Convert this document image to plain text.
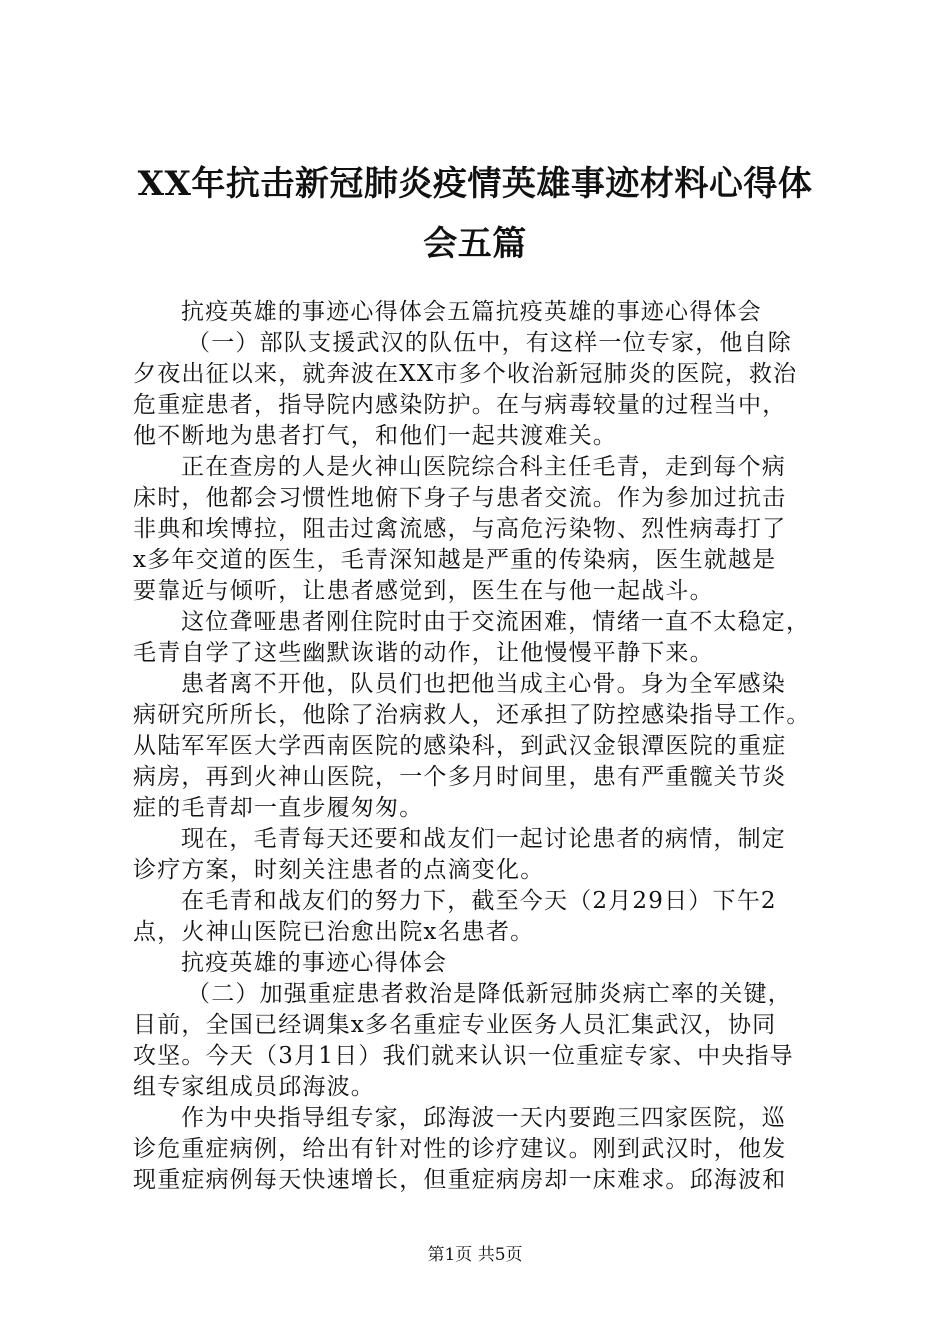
XX年抗击新冠肺炎疫情英雄事迹材料心得体
会五篇
抗疫英雄的事迹心得体会五篇抗疫英雄的事迹心得体会
（一）部队支援武汉的队伍中，有这样一位专家，他自除
夕夜出征以来，就奔波在XX市多个收治新冠肺炎的医院，救治
危重症患者，指导院内感染防护。在与病毒较量的过程当中，
他不断地为患者打气，和他们一起共渡难关。
正在查房的人是火神山医院综合科主任毛青，走到每个病
床时，他都会习惯性地俯下身子与患者交流。作为参加过抗击
非典和埃博拉，阻击过禽流感，与高危污染物、烈性病毒打了
x多年交道的医生，毛青深知越是严重的传染病，医生就越是
要靠近与倾听，让患者感觉到，医生在与他一起战斗。
这位聋哑患者刚住院时由于交流困难，情绪一直不太稳定，
毛青自学了这些幽默诙谐的动作，让他慢慢平静下来。
患者离不开他，队员们也把他当成主心骨。身为全军感染
病研究所所长，他除了治病救人，还承担了防控感染指导工作。
从陆军军医大学西南医院的感染科，到武汉金银潭医院的重症
病房，再到火神山医院，一个多月时间里，患有严重髋关节炎
症的毛青却一直步履匆匆。
现在，毛青每天还要和战友们一起讨论患者的病情，制定
诊疗方案，时刻关注患者的点滴变化。
在毛青和战友们的努力下，截至今天（2月29日）下午2
点，火神山医院已治愈出院x名患者。
抗疫英雄的事迹心得体会
（二）加强重症患者救治是降低新冠肺炎病亡率的关键，
目前，全国已经调集x多名重症专业医务人员汇集武汉，协同
攻坚。今天（3月1日）我们就来认识一位重症专家、中央指导
组专家组成员邱海波。
作为中央指导组专家，邱海波一天内要跑三四家医院，巡
诊危重症病例，给出有针对性的诊疗建议。刚到武汉时，他发
现重症病例每天快速增长，但重症病房却一床难求。邱海波和
第1页 共5页
